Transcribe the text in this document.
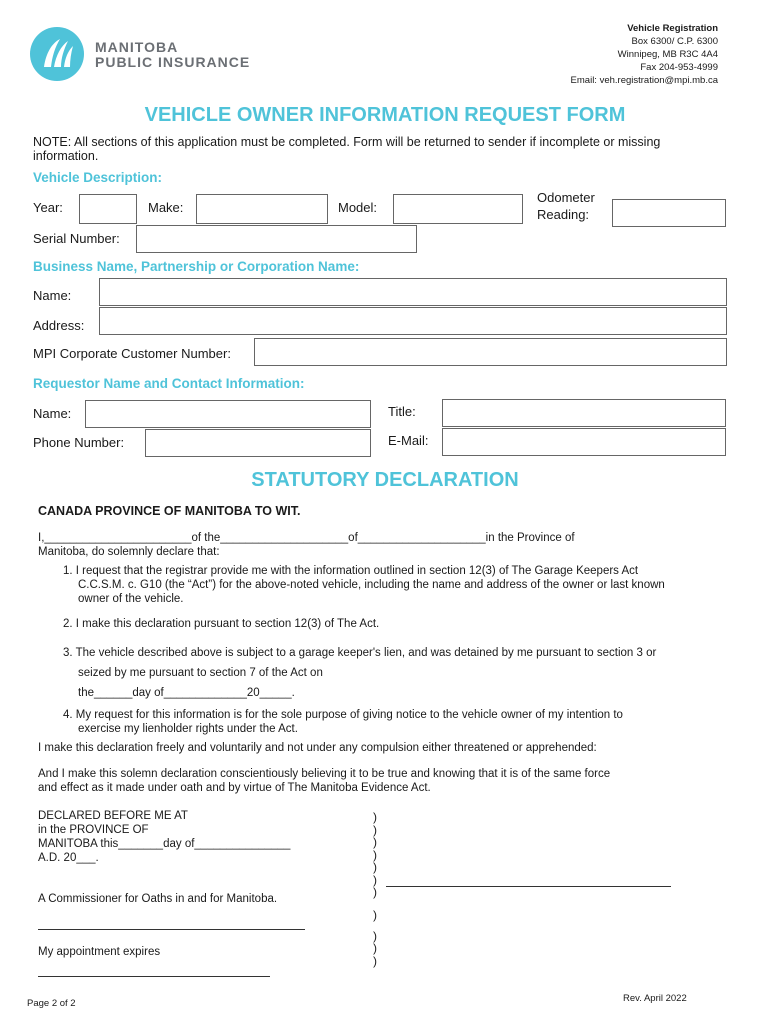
MANITOBA
PUBLIC INSURANCE
Vehicle Registration
Box 6300/ C.P. 6300
Winnipeg, MB R3C 4A4
Fax 204-953-4999
Email: veh.registration@mpi.mb.ca
VEHICLE OWNER INFORMATION REQUEST FORM
NOTE: All sections of this application must be completed. Form will be returned to sender if incomplete or missing information.
Vehicle Description:
Year:	Make:	Model:
Odometer
Reading:
Serial Number:
Business Name, Partnership or Corporation Name:
Name:
Address:
MPI Corporate Customer Number:
Requestor Name and Contact Information:
Name:	Title:
Phone Number:	E-Mail:
STATUTORY DECLARATION
CANADA PROVINCE OF MANITOBA TO WIT.
I,_______________________of the____________________of____________________in the Province of
Manitoba, do solemnly declare that:
1. I request that the registrar provide me with the information outlined in section 12(3) of The Garage Keepers Act
C.C.S.M. c. G10 (the “Act”) for the above-noted vehicle, including the name and address of the owner or last known
owner of the vehicle.
2. I make this declaration pursuant to section 12(3) of The Act.
3. The vehicle described above is subject to a garage keeper's lien, and was detained by me pursuant to section 3 or
seized by me pursuant to section 7 of the Act on
the______day of_____________20_____.
4. My request for this information is for the sole purpose of giving notice to the vehicle owner of my intention to
exercise my lienholder rights under the Act.
I make this declaration freely and voluntarily and not under any compulsion either threatened or apprehended:
And I make this solemn declaration conscientiously believing it to be true and knowing that it is of the same force
and effect as it made under oath and by virtue of The Manitoba Evidence Act.
DECLARED BEFORE ME AT
in the PROVINCE OF
MANITOBA this_______day of_______________
A.D. 20___.
A Commissioner for Oaths in and for Manitoba.
My appointment expires
)
)
)
)
)
)
)
)
)
)
)
Page 2 of 2	Rev. April 2022
